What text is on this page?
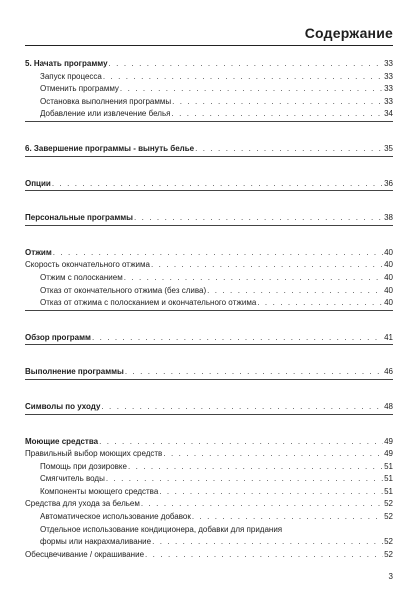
Содержание
5. Начать программу . . .	33
Запуск процесса . . .	33
Отменить программу . . .	33
Остановка выполнения программы . . .	33
Добавление или извлечение белья . . .	34
6. Завершение программы - вынуть белье . . .	35
Опции . . .	36
Персональные программы . . .	38
Отжим . . .	40
Скорость окончательного отжима . . .	40
Отжим с полосканием . . .	40
Отказ от окончательного отжима (без слива) . . .	40
Отказ от отжима с полосканием и окончательного отжима . . .	40
Обзор программ . . .	41
Выполнение программы . . .	46
Символы по уходу . . .	48
Моющие средства . . .	49
Правильный выбор моющих средств . . .	49
Помощь при дозировке . . .	51
Смягчитель воды . . .	51
Компоненты моющего средства . . .	51
Средства для ухода за бельем . . .	52
Автоматическое использование добавок . . .	52
Отдельное использование кондиционера, добавки для придания
формы или накрахмаливание . . .	52
Обесцвечивание / окрашивание . . .	52
3
